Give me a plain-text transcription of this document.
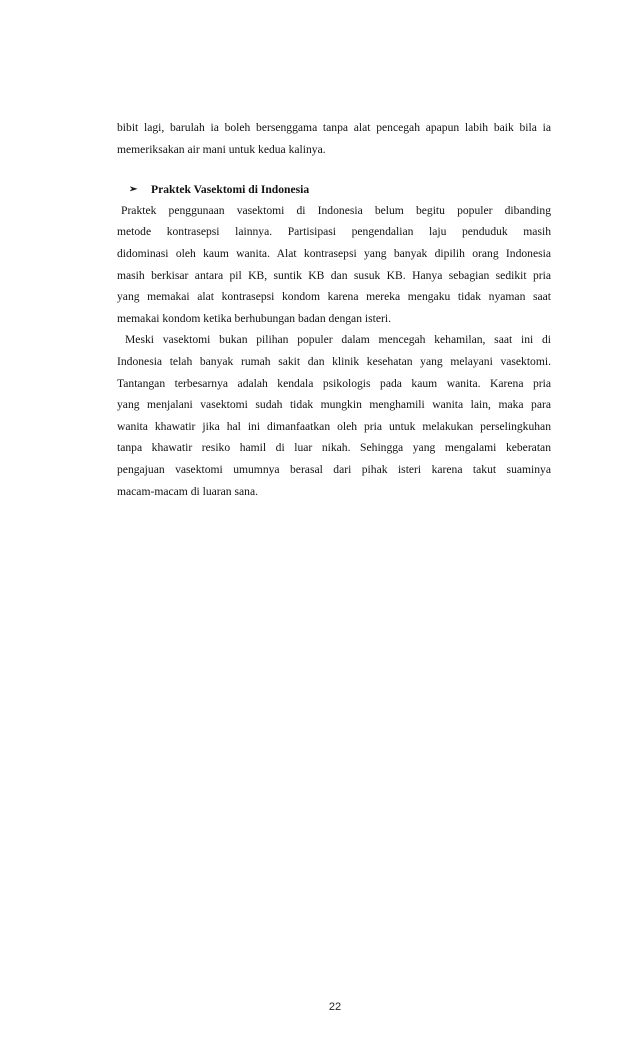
bibit lagi, barulah ia boleh bersenggama tanpa alat pencegah apapun labih baik bila ia
memeriksakan air mani untuk kedua kalinya.
➢	Praktek Vasektomi di Indonesia
Praktek penggunaan vasektomi di Indonesia belum begitu populer dibanding
metode kontrasepsi lainnya. Partisipasi pengendalian laju penduduk masih
didominasi oleh kaum wanita. Alat kontrasepsi yang banyak dipilih orang Indonesia
masih berkisar antara pil KB, suntik KB dan susuk KB. Hanya sebagian sedikit pria
yang memakai alat kontrasepsi kondom karena mereka mengaku tidak nyaman saat
memakai kondom ketika berhubungan badan dengan isteri.
Meski vasektomi bukan pilihan populer dalam mencegah kehamilan, saat ini di
Indonesia telah banyak rumah sakit dan klinik kesehatan yang melayani vasektomi.
Tantangan terbesarnya adalah kendala psikologis pada kaum wanita. Karena pria
yang menjalani vasektomi sudah tidak mungkin menghamili wanita lain, maka para
wanita khawatir jika hal ini dimanfaatkan oleh pria untuk melakukan perselingkuhan
tanpa khawatir resiko hamil di luar nikah. Sehingga yang mengalami keberatan
pengajuan vasektomi umumnya berasal dari pihak isteri karena takut suaminya
macam-macam di luaran sana.
22
